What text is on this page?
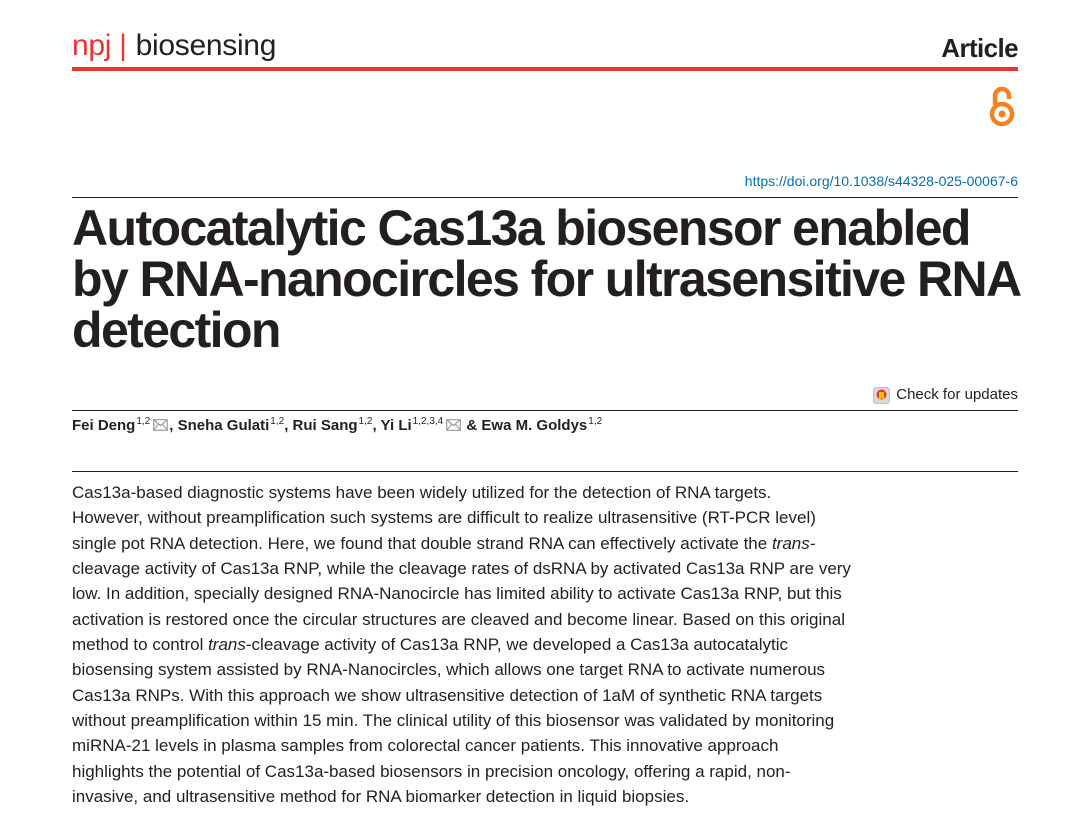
npj | biosensing	Article
https://doi.org/10.1038/s44328-025-00067-6
Autocatalytic Cas13a biosensor enabled
by RNA-nanocircles for ultrasensitive RNA
detection
Check for updates
Fei Deng$^{1,2}$ , Sneha Gulati$^{1,2}$, Rui Sang$^{1,2}$, Yi Li$^{1,2,3,4}$ & Ewa M. Goldys$^{1,2}$
Cas13a-based diagnostic systems have been widely utilized for the detection of RNA targets.
However, without preamplification such systems are difficult to realize ultrasensitive (RT-PCR level)
single pot RNA detection. Here, we found that double strand RNA can effectively activate the trans-
cleavage activity of Cas13a RNP, while the cleavage rates of dsRNA by activated Cas13a RNP are very
low. In addition, specially designed RNA-Nanocircle has limited ability to activate Cas13a RNP, but this
activation is restored once the circular structures are cleaved and become linear. Based on this original
method to control trans-cleavage activity of Cas13a RNP, we developed a Cas13a autocatalytic
biosensing system assisted by RNA-Nanocircles, which allows one target RNA to activate numerous
Cas13a RNPs. With this approach we show ultrasensitive detection of 1aM of synthetic RNA targets
without preamplification within 15 min. The clinical utility of this biosensor was validated by monitoring
miRNA-21 levels in plasma samples from colorectal cancer patients. This innovative approach
highlights the potential of Cas13a-based biosensors in precision oncology, offering a rapid, non-
invasive, and ultrasensitive method for RNA biomarker detection in liquid biopsies.
